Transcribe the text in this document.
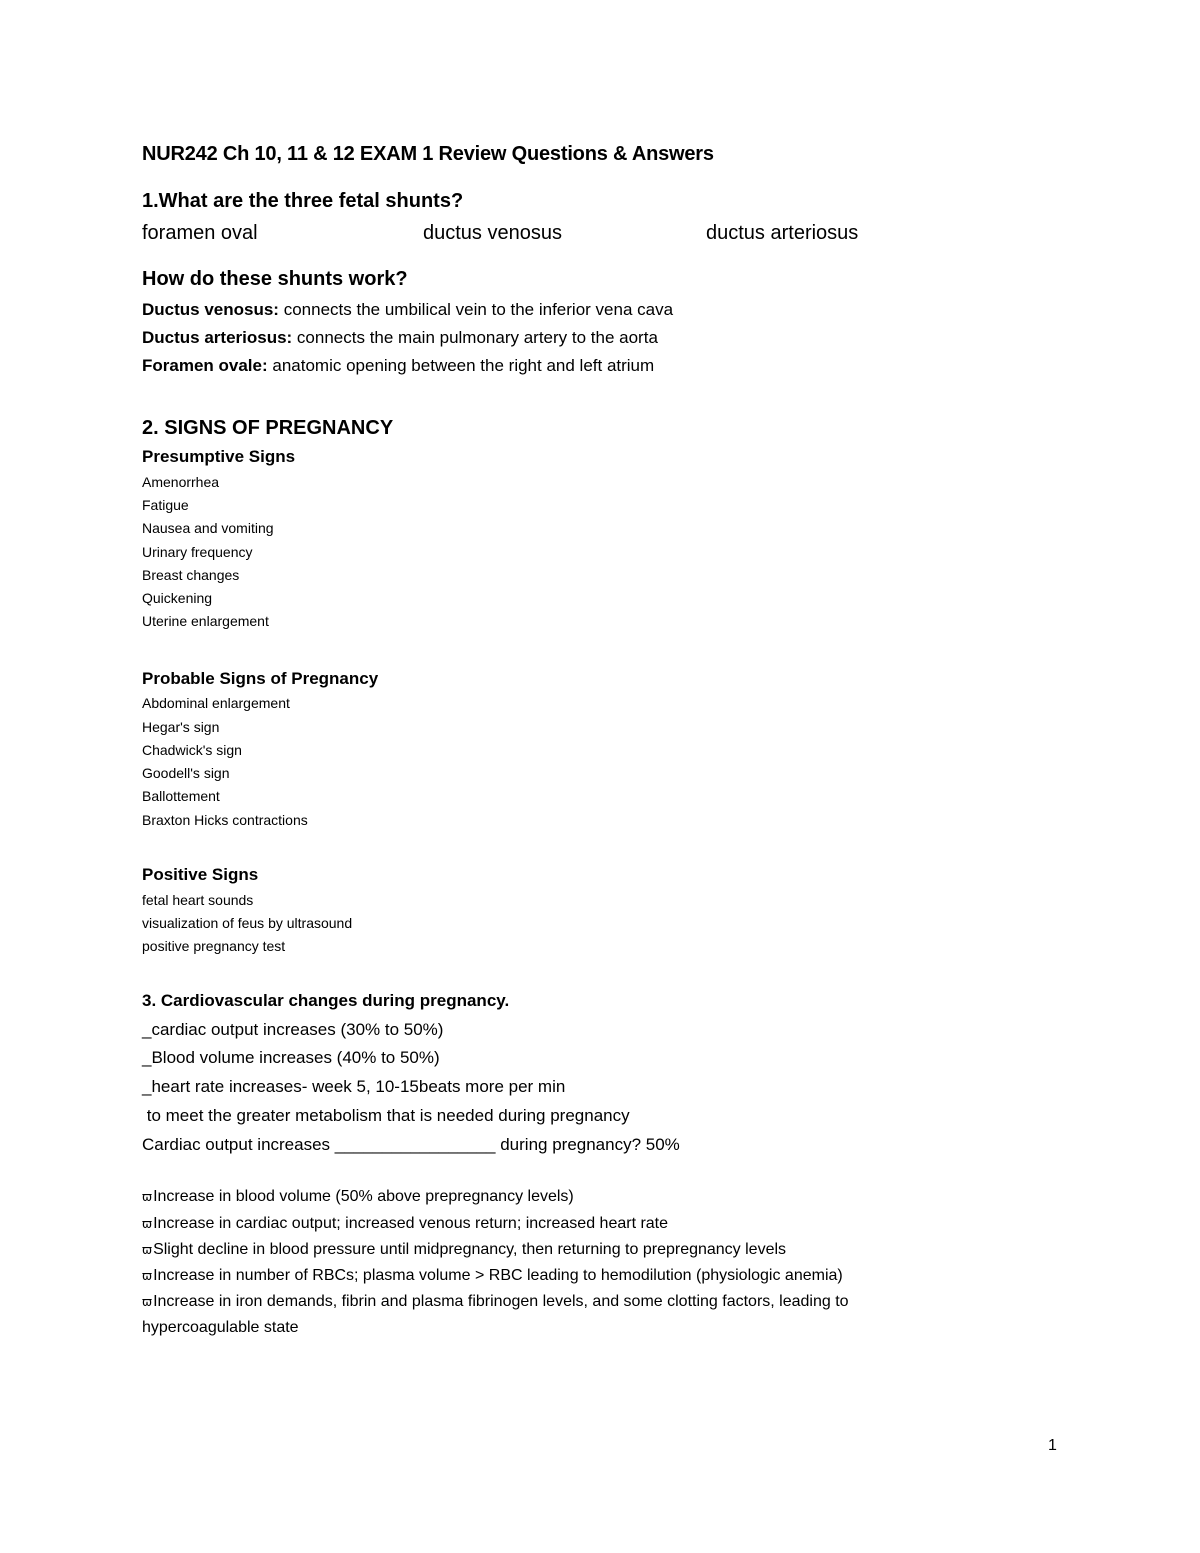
NUR242 Ch 10, 11 & 12 EXAM 1 Review Questions & Answers
1.What are the three fetal shunts?
foramen oval	ductus venosus	ductus arteriosus
How do these shunts work?
Ductus venosus: connects the umbilical vein to the inferior vena cava
Ductus arteriosus: connects the main pulmonary artery to the aorta
Foramen ovale: anatomic opening between the right and left atrium
2. SIGNS OF PREGNANCY
Presumptive Signs
Amenorrhea
Fatigue
Nausea and vomiting
Urinary frequency
Breast changes
Quickening
Uterine enlargement
Probable Signs of Pregnancy
Abdominal enlargement
Hegar's sign
Chadwick's sign
Goodell's sign
Ballottement
Braxton Hicks contractions
Positive Signs
fetal heart sounds
visualization of feus by ultrasound
positive pregnancy test
3. Cardiovascular changes during pregnancy.
_cardiac output increases (30% to 50%)
_Blood volume increases (40% to 50%)
_heart rate increases- week 5, 10-15beats more per min
to meet the greater metabolism that is needed during pregnancy
Cardiac output increases _________________ during pregnancy? 50%
ϖIncrease in blood volume (50% above prepregnancy levels)
ϖIncrease in cardiac output; increased venous return; increased heart rate
ϖSlight decline in blood pressure until midpregnancy, then returning to prepregnancy levels
ϖIncrease in number of RBCs; plasma volume > RBC leading to hemodilution (physiologic anemia)
ϖIncrease in iron demands, fibrin and plasma fibrinogen levels, and some clotting factors, leading to
hypercoagulable state
1
